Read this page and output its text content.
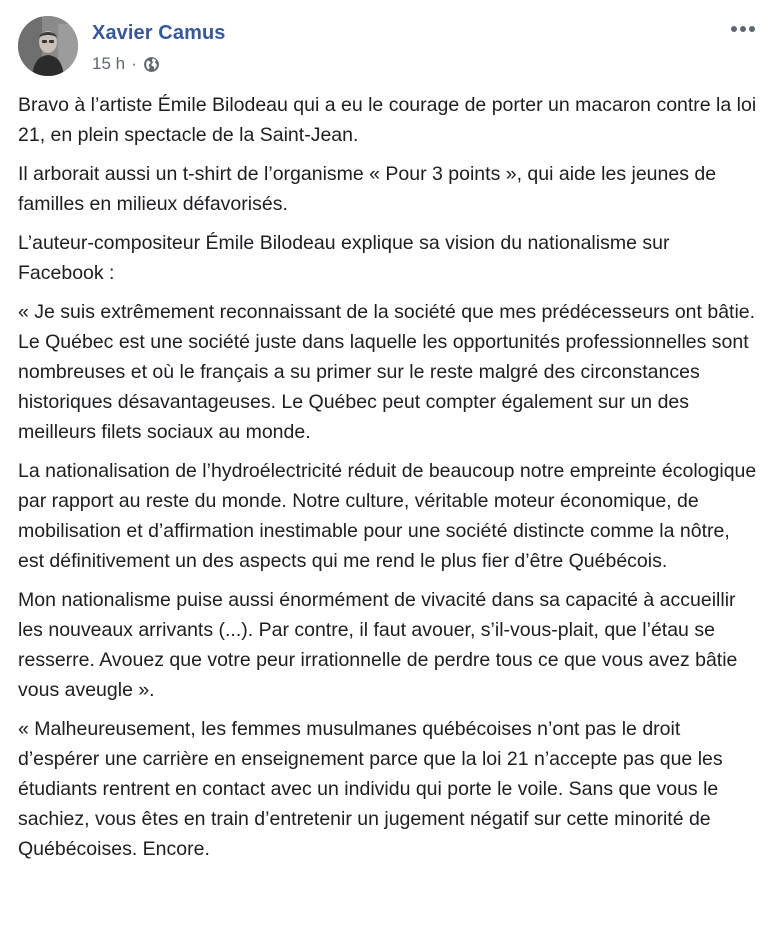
Xavier Camus
15 h ·

Bravo à l’artiste Émile Bilodeau qui a eu le courage de porter un macaron contre la loi 21, en plein spectacle de la Saint-Jean.

Il arborait aussi un t-shirt de l’organisme « Pour 3 points », qui aide les jeunes de familles en milieux défavorisés.

L’auteur-compositeur Émile Bilodeau explique sa vision du nationalisme sur Facebook :

« Je suis extrêmement reconnaissant de la société que mes prédécesseurs ont bâtie. Le Québec est une société juste dans laquelle les opportunités professionnelles sont nombreuses et où le français a su primer sur le reste malgré des circonstances historiques désavantageuses. Le Québec peut compter également sur un des meilleurs filets sociaux au monde.

La nationalisation de l’hydroélectricité réduit de beaucoup notre empreinte écologique par rapport au reste du monde. Notre culture, véritable moteur économique, de mobilisation et d’affirmation inestimable pour une société distincte comme la nôtre, est définitivement un des aspects qui me rend le plus fier d’être Québécois.

Mon nationalisme puise aussi énormément de vivacité dans sa capacité à accueillir les nouveaux arrivants (...). Par contre, il faut avouer, s’il-vous-plait, que l’étau se resserre. Avouez que votre peur irrationnelle de perdre tous ce que vous avez bâtie vous aveugle ».

« Malheureusement, les femmes musulmanes québécoises n’ont pas le droit d’espérer une carrière en enseignement parce que la loi 21 n’accepte pas que les étudiants rentrent en contact avec un individu qui porte le voile. Sans que vous le sachiez, vous êtes en train d’entretenir un jugement négatif sur cette minorité de Québécoises. Encore.
